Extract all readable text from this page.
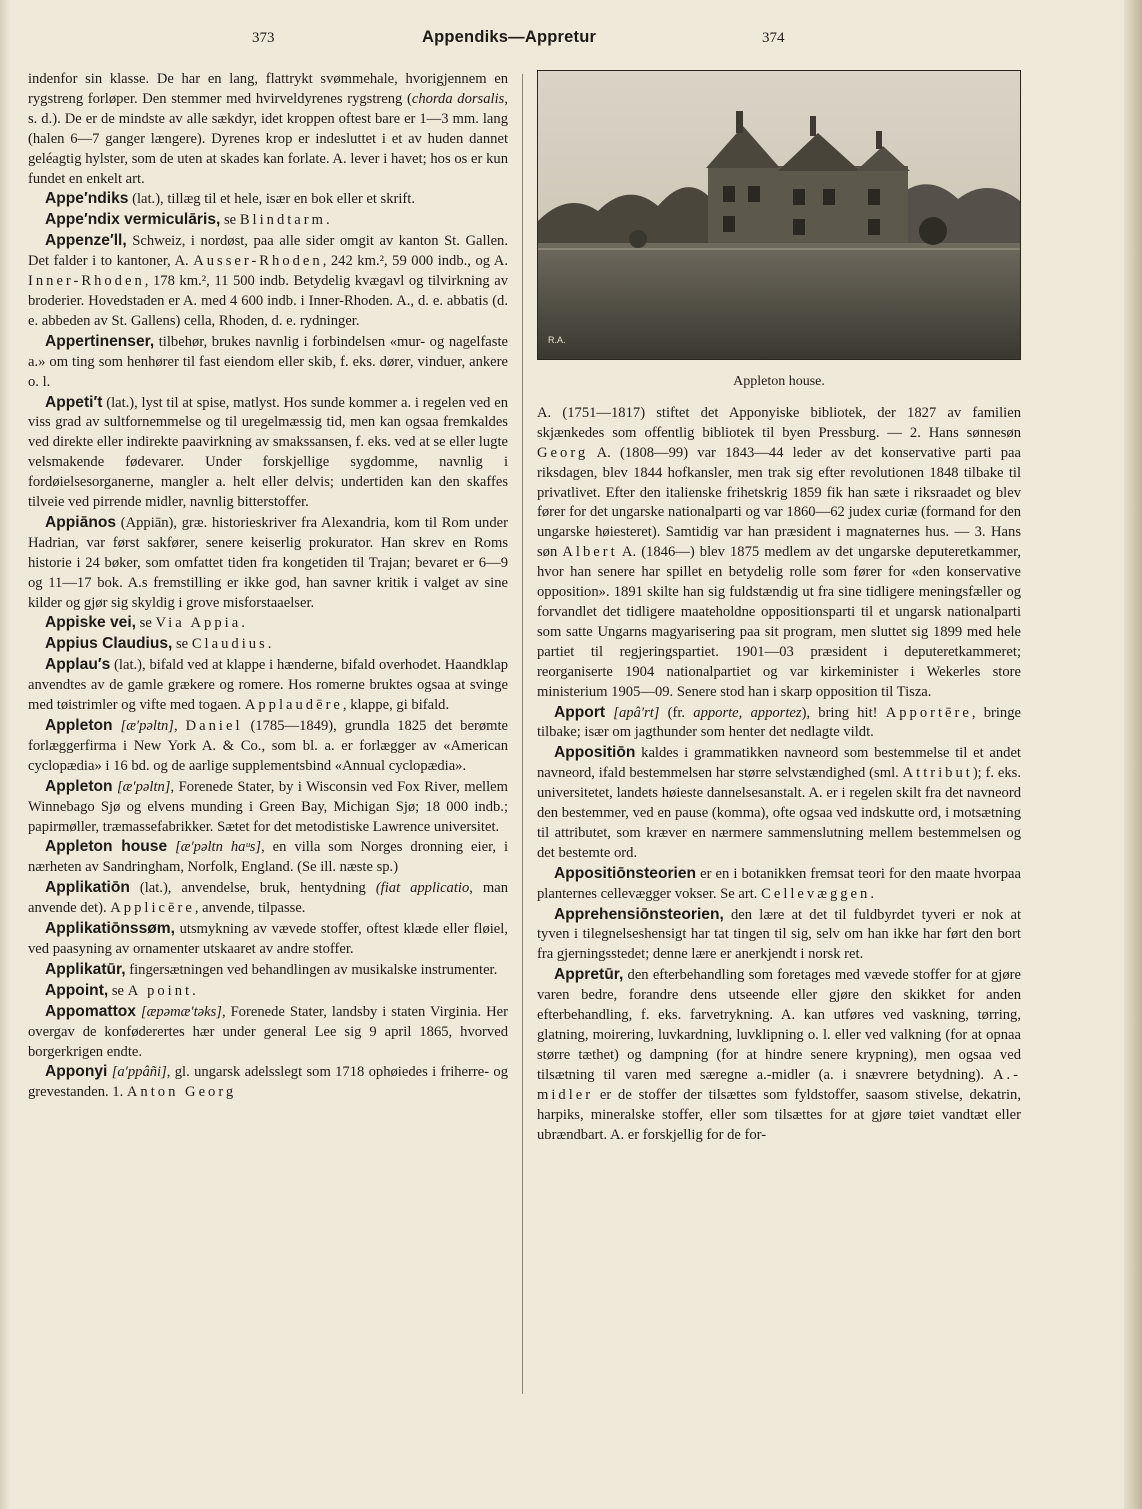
373	Appendiks—Appretur	374

indenfor sin klasse. De har en lang, flattrykt svømmehale, hvorigjennem en rygstreng forløper. Den stemmer med hvirveldyrenes rygstreng (chorda dorsalis, s. d.). De er de mindste av alle sækdyr, idet kroppen oftest bare er 1—3 mm. lang (halen 6—7 ganger længere). Dyrenes krop er indesluttet i et av huden dannet geléagtig hylster, som de uten at skades kan forlate. A. lever i havet; hos os er kun fundet en enkelt art.

Appe′ndiks (lat.), tillæg til et hele, især en bok eller et skrift.

Appe′ndix vermiculāris, se Blindtarm.

Appenze′ll, Schweiz, i nordøst, paa alle sider omgit av kanton St. Gallen. Det falder i to kantoner, A. Ausser-Rhoden, 242 km.², 59 000 indb., og A. Inner-Rhoden, 178 km.², 11 500 indb. Betydelig kvægavl og tilvirkning av broderier. Hovedstaden er A. med 4 600 indb. i Inner-Rhoden. A., d. e. abbatis (d. e. abbeden av St. Gallens) cella, Rhoden, d. e. rydninger.

Appertinenser, tilbehør, brukes navnlig i forbindelsen «mur- og nagelfaste a.» om ting som henhører til fast eiendom eller skib, f. eks. dører, vinduer, ankere o. l.

Appeti′t (lat.), lyst til at spise, matlyst. Hos sunde kommer a. i regelen ved en viss grad av sultfornemmelse og til uregelmæssig tid, men kan ogsaa fremkaldes ved direkte eller indirekte paavirkning av smakssansen, f. eks. ved at se eller lugte velsmakende fødevarer. Under forskjellige sygdomme, navnlig i fordøielsesorganerne, mangler a. helt eller delvis; undertiden kan den skaffes tilveie ved pirrende midler, navnlig bitterstoffer.

Appiānos (Appiān), græ. historieskriver fra Alexandria, kom til Rom under Hadrian, var først sakfører, senere keiserlig prokurator. Han skrev en Roms historie i 24 bøker, som omfattet tiden fra kongetiden til Trajan; bevaret er 6—9 og 11—17 bok. A.s fremstilling er ikke god, han savner kritik i valget av sine kilder og gjør sig skyldig i grove misforstaaelser.

Appiske vei, se Via Appia.

Appius Claudius, se Claudius.

Applau′s (lat.), bifald ved at klappe i hænderne, bifald overhodet. Haandklap anvendtes av de gamle grækere og romere. Hos romerne bruktes ogsaa at svinge med tøistrimler og vifte med togaen. Applaudēre, klappe, gi bifald.

Appleton [æ′pəltn], Daniel (1785—1849), grundla 1825 det berømte forlæggerfirma i New York A. & Co., som bl. a. er forlægger av «American cyclopædia» i 16 bd. og de aarlige supplementsbind «Annual cyclopædia».

Appleton [æ′pəltn], Forenede Stater, by i Wisconsin ved Fox River, mellem Winnebago Sjø og elvens munding i Green Bay, Michigan Sjø; 18 000 indb.; papirmøller, træmassefabrikker. Sætet for det metodistiske Lawrence universitet.

Appleton house [æ′pəltn haᵘs], en villa som Norges dronning eier, i nærheten av Sandringham, Norfolk, England. (Se ill. næste sp.)

Applikatiōn (lat.), anvendelse, bruk, hentydning (fiat applicatio, man anvende det). Applicēre, anvende, tilpasse.

Applikatiōnssøm, utsmykning av vævede stoffer, oftest klæde eller fløiel, ved paasyning av ornamenter utskaaret av andre stoffer.

Applikatūr, fingersætningen ved behandlingen av musikalske instrumenter.

Appoint, se A point.

Appomattox [æpəmæ′təks], Forenede Stater, landsby i staten Virginia. Her overgav de konføderertes hær under general Lee sig 9 april 1865, hvorved borgerkrigen endte.

Apponyi [a′ppâñi], gl. ungarsk adelsslegt som 1718 ophøiedes i friherre- og grevestanden. 1. Anton Georg

R.A.
Appleton house.

A. (1751—1817) stiftet det Apponyiske bibliotek, der 1827 av familien skjænkedes som offentlig bibliotek til byen Pressburg. — 2. Hans sønnesøn Georg A. (1808—99) var 1843—44 leder av det konservative parti paa riksdagen, blev 1844 hofkansler, men trak sig efter revolutionen 1848 tilbake til privatlivet. Efter den italienske frihetskrig 1859 fik han sæte i riksraadet og blev fører for det ungarske nationalparti og var 1860—62 judex curiæ (formand for den ungarske høiesteret). Samtidig var han præsident i magnaternes hus. — 3. Hans søn Albert A. (1846—) blev 1875 medlem av det ungarske deputeretkammer, hvor han senere har spillet en betydelig rolle som fører for «den konservative opposition». 1891 skilte han sig fuldstændig ut fra sine tidligere meningsfæller og forvandlet det tidligere maateholdne oppositionsparti til et ungarsk nationalparti som satte Ungarns magyarisering paa sit program, men sluttet sig 1899 med hele partiet til regjeringspartiet. 1901—03 præsident i deputeretkammeret; reorganiserte 1904 nationalpartiet og var kirkeminister i Wekerles store ministerium 1905—09. Senere stod han i skarp opposition til Tisza.

Apport [apâ′rt] (fr. apporte, apportez), bring hit! Apportēre, bringe tilbake; især om jagthunder som henter det nedlagte vildt.

Appositiōn kaldes i grammatikken navneord som bestemmelse til et andet navneord, ifald bestemmelsen har større selvstændighed (sml. Attribut); f. eks. universitetet, landets høieste dannelsesanstalt. A. er i regelen skilt fra det navneord den bestemmer, ved en pause (komma), ofte ogsaa ved indskutte ord, i motsætning til attributet, som kræver en nærmere sammenslutning mellem bestemmelsen og det bestemte ord.

Appositiōnsteorien er en i botanikken fremsat teori for den maate hvorpaa planternes cellevægger vokser. Se art. Cellevæggen.

Apprehensiōnsteorien, den lære at det til fuldbyrdet tyveri er nok at tyven i tilegnelseshensigt har tat tingen til sig, selv om han ikke har ført den bort fra gjerningsstedet; denne lære er anerkjendt i norsk ret.

Appretūr, den efterbehandling som foretages med vævede stoffer for at gjøre varen bedre, forandre dens utseende eller gjøre den skikket for anden efterbehandling, f. eks. farvetrykning. A. kan utføres ved vaskning, tørring, glatning, moirering, luvkardning, luvklipning o. l. eller ved valkning (for at opnaa større tæthet) og dampning (for at hindre senere krypning), men ogsaa ved tilsætning til varen med særegne a.-midler (a. i snævrere betydning). A.-midler er de stoffer der tilsættes som fyldstoffer, saasom stivelse, dekatrin, harpiks, mineralske stoffer, eller som tilsættes for at gjøre tøiet vandtæt eller ubrændbart. A. er forskjellig for de for-
